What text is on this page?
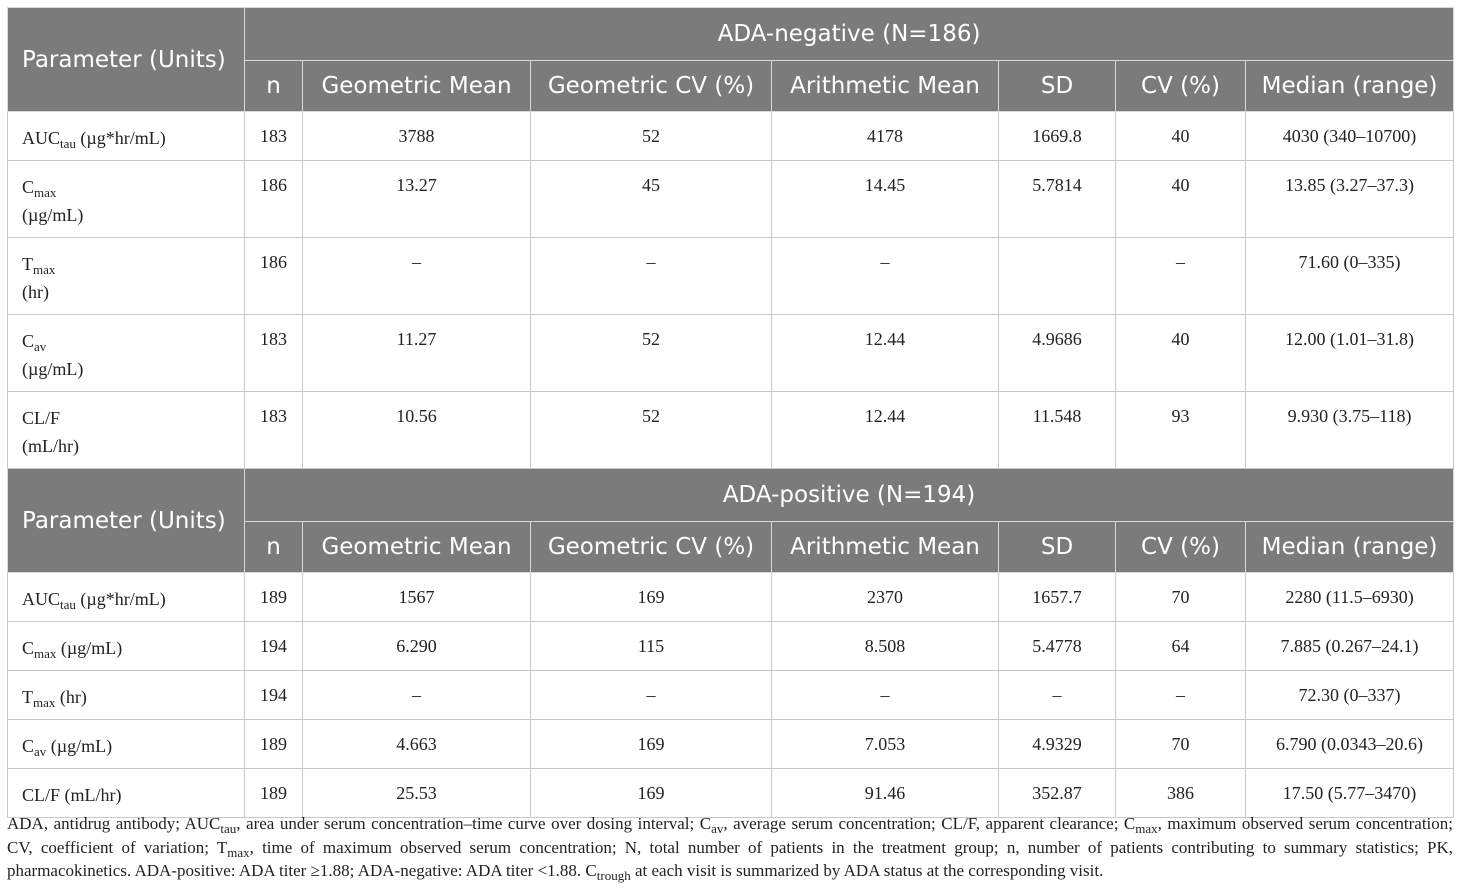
Parameter (Units)	ADA-negative (N=186)						
	n	Geometric Mean	Geometric CV (%)	Arithmetic Mean	SD	CV (%)	Median (range)
$AUC_{tau}$ (µg*hr/mL)	183	3788	52	4178	1669.8	40	4030 (340–10700)
$C_{max}$
(µg/mL)	186	13.27	45	14.45	5.7814	40	13.85 (3.27–37.3)
$T_{max}$
(hr)	186	–	–	–		–	71.60 (0–335)
$C_{av}$
(µg/mL)	183	11.27	52	12.44	4.9686	40	12.00 (1.01–31.8)
CL/F
(mL/hr)	183	10.56	52	12.44	11.548	93	9.930 (3.75–118)
Parameter (Units)	ADA-positive (N=194)						
	n	Geometric Mean	Geometric CV (%)	Arithmetic Mean	SD	CV (%)	Median (range)
$AUC_{tau}$ (µg*hr/mL)	189	1567	169	2370	1657.7	70	2280 (11.5–6930)
$C_{max}$ (µg/mL)	194	6.290	115	8.508	5.4778	64	7.885 (0.267–24.1)
$T_{max}$ (hr)	194	–	–	–	–	–	72.30 (0–337)
$C_{av}$ (µg/mL)	189	4.663	169	7.053	4.9329	70	6.790 (0.0343–20.6)
CL/F (mL/hr)	189	25.53	169	91.46	352.87	386	17.50 (5.77–3470)
ADA, antidrug antibody; $AUC_{tau}$, area under serum concentration–time curve over dosing interval; $C_{av}$, average serum concentration; CL/F, apparent clearance; $C_{max}$, maximum observed serum concentration; CV, coefficient of variation; $T_{max}$, time of maximum observed serum concentration; N, total number of patients in the treatment group; n, number of patients contributing to summary statistics; PK, pharmacokinetics. ADA-positive: ADA titer ≥1.88; ADA-negative: ADA titer <1.88. $C_{trough}$ at each visit is summarized by ADA status at the corresponding visit.
